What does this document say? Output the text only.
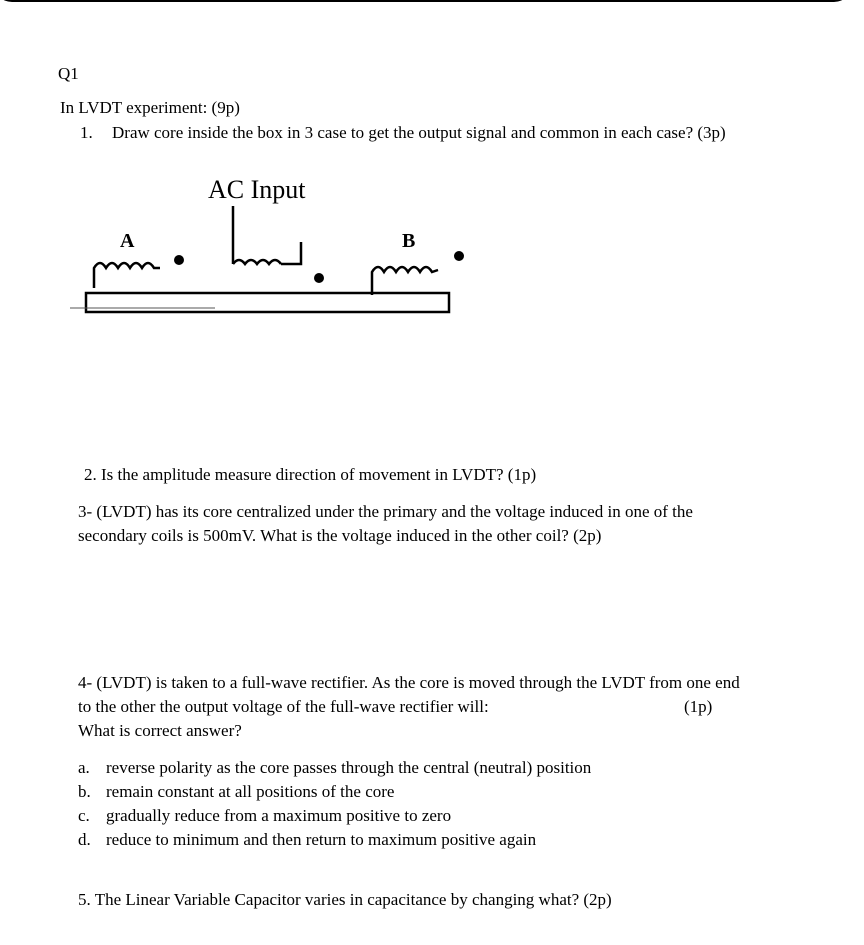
Q1
In LVDT experiment: (9p)
1. Draw core inside the box in 3 case to get the output signal and common in each case? (3p)
AC Input
A	B
2. Is the amplitude measure direction of movement in LVDT? (1p)
3- (LVDT) has its core centralized under the primary and the voltage induced in one of the
secondary coils is 500mV. What is the voltage induced in the other coil? (2p)
4- (LVDT) is taken to a full-wave rectifier. As the core is moved through the LVDT from one end
to the other the output voltage of the full-wave rectifier will:	(1p)
What is correct answer?
a. reverse polarity as the core passes through the central (neutral) position
b. remain constant at all positions of the core
c. gradually reduce from a maximum positive to zero
d. reduce to minimum and then return to maximum positive again
5. The Linear Variable Capacitor varies in capacitance by changing what? (2p)
